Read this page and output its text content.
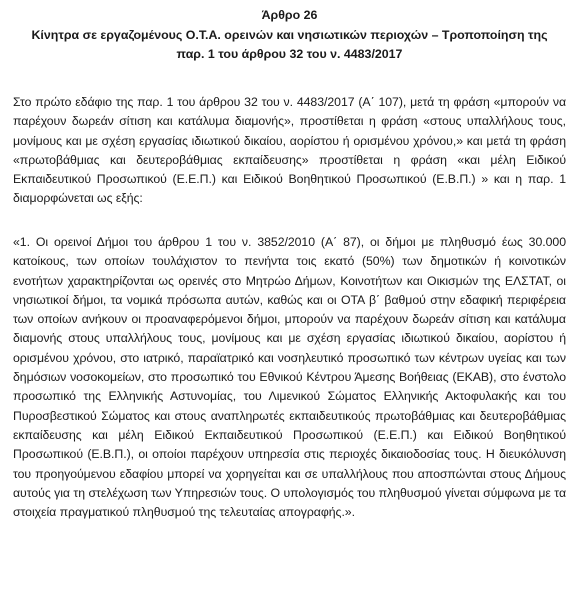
Άρθρο 26
Κίνητρα σε εργαζομένους Ο.Τ.Α. ορεινών και νησιωτικών περιοχών – Τροποποίηση της
παρ. 1 του άρθρου 32 του ν. 4483/2017

Στο πρώτο εδάφιο της παρ. 1 του άρθρου 32 του ν. 4483/2017 (Α΄ 107), μετά τη φράση «μπορούν να παρέχουν δωρεάν σίτιση και κατάλυμα διαμονής», προστίθεται η φράση «στους υπαλλήλους τους, μονίμους και με σχέση εργασίας ιδιωτικού δικαίου, αορίστου ή ορισμένου χρόνου,» και μετά τη φράση «πρωτοβάθμιας και δευτεροβάθμιας εκπαίδευσης» προστίθεται η φράση «και μέλη Ειδικού Εκπαιδευτικού Προσωπικού (Ε.Ε.Π.) και Ειδικού Βοηθητικού Προσωπικού (Ε.Β.Π.) » και η παρ. 1 διαμορφώνεται ως εξής:

«1. Οι ορεινοί Δήμοι του άρθρου 1 του ν. 3852/2010 (Α΄ 87), οι δήμοι με πληθυσμό έως 30.000 κατοίκους, των οποίων τουλάχιστον το πενήντα τοις εκατό (50%) των δημοτικών ή κοινοτικών ενοτήτων χαρακτηρίζονται ως ορεινές στο Μητρώο Δήμων, Κοινοτήτων και Οικισμών της ΕΛΣΤΑΤ, οι νησιωτικοί δήμοι, τα νομικά πρόσωπα αυτών, καθώς και οι ΟΤΑ β΄ βαθμού στην εδαφική περιφέρεια των οποίων ανήκουν οι προαναφερόμενοι δήμοι, μπορούν να παρέχουν δωρεάν σίτιση και κατάλυμα διαμονής στους υπαλλήλους τους, μονίμους και με σχέση εργασίας ιδιωτικού δικαίου, αορίστου ή ορισμένου χρόνου, στο ιατρικό, παραϊατρικό και νοσηλευτικό προσωπικό των κέντρων υγείας και των δημόσιων νοσοκομείων, στο προσωπικό του Εθνικού Κέντρου Άμεσης Βοήθειας (ΕΚΑΒ), στο ένστολο προσωπικό της Ελληνικής Αστυνομίας, του Λιμενικού Σώματος Ελληνικής Ακτοφυλακής και του Πυροσβεστικού Σώματος και στους αναπληρωτές εκπαιδευτικούς πρωτοβάθμιας και δευτεροβάθμιας εκπαίδευσης και μέλη Ειδικού Εκπαιδευτικού Προσωπικού (Ε.Ε.Π.) και Ειδικού Βοηθητικού Προσωπικού (Ε.Β.Π.), οι οποίοι παρέχουν υπηρεσία στις περιοχές δικαιοδοσίας τους. Η διευκόλυνση του προηγούμενου εδαφίου μπορεί να χορηγείται και σε υπαλλήλους που αποσπώνται στους Δήμους αυτούς για τη στελέχωση των Υπηρεσιών τους. Ο υπολογισμός του πληθυσμού γίνεται σύμφωνα με τα στοιχεία πραγματικού πληθυσμού της τελευταίας απογραφής.».
